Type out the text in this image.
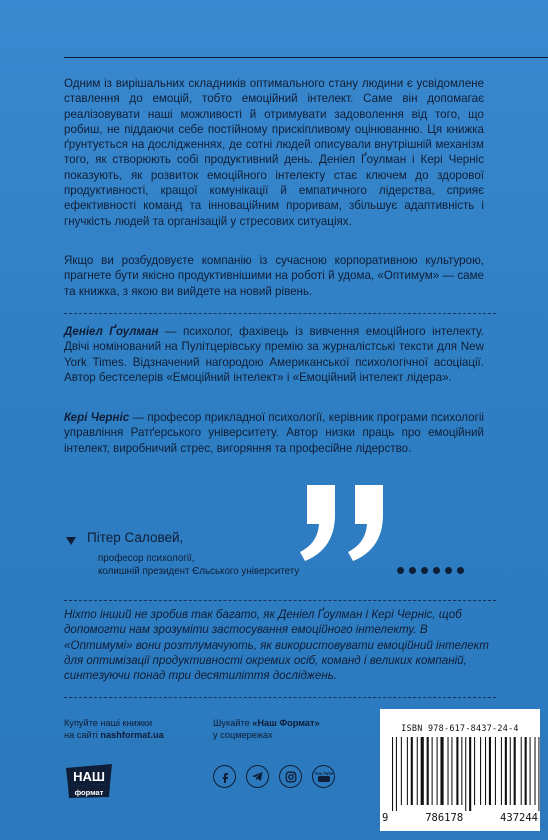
Одним із вирішальних складників оптимального стану людини є усвідомлене ставлення до емоцій, тобто емоційний інтелект. Саме він допомагає реалізовувати наші можливості й отримувати задоволення від того, що робиш, не піддаючи себе постійному прискіпливому оцінюванню. Ця книжка ґрунтується на дослідженнях, де сотні людей описували внутрішній механізм того, як створюють собі продуктивний день. Деніел Ґоулман і Кері Черніс показують, як розвиток емоційного інтелекту стає ключем до здорової продуктивності, кращої комунікації й емпатичного лідерства, сприяє ефективності команд та інноваційним проривам, збільшує адаптивність і гнучкість людей та організацій у стресових ситуаціях.

Якщо ви розбудовуєте компанію із сучасною корпоративною культурою, прагнете бути якісно продуктивнішими на роботі й удома, «Оптимум» — саме та книжка, з якою ви вийдете на новий рівень.

Деніел Ґоулман — психолог, фахівець із вивчення емоційного інтелекту. Двічі номінований на Пулітцерівську премію за журналістські тексти для New York Times. Відзначений нагородою Американської психологічної асоціації. Автор бестселерів «Емоційний інтелект» і «Емоційний інтелект лідера».

Кері Черніс — професор прикладної психології, керівник програми психологіі управління Ратґерського університету. Автор низки праць про емоційний інтелект, виробничий стрес, вигоряння та професійне лідерство.

Пітер Саловей,
професор психології,
колишній президент Єльського університету

Ніхто інший не зробив так багато, як Деніел Ґоулман і Кері Черніс, щоб допомогти нам зрозуміти застосування емоційного інтелекту. В «Оптимумі» вони розтлумачують, як використовувати емоційний інтелект для оптимізації продуктивності окремих осіб, команд і великих компаній, синтезуючи понад три десятиліття досліджень.

Купуйте наші книжки
на сайті nashformat.ua
НАШ
формат
Шукайте «Наш Формат»
у соцмережах
You Tube
ISBN 978-617-8437-24-4
9	786178	437244
